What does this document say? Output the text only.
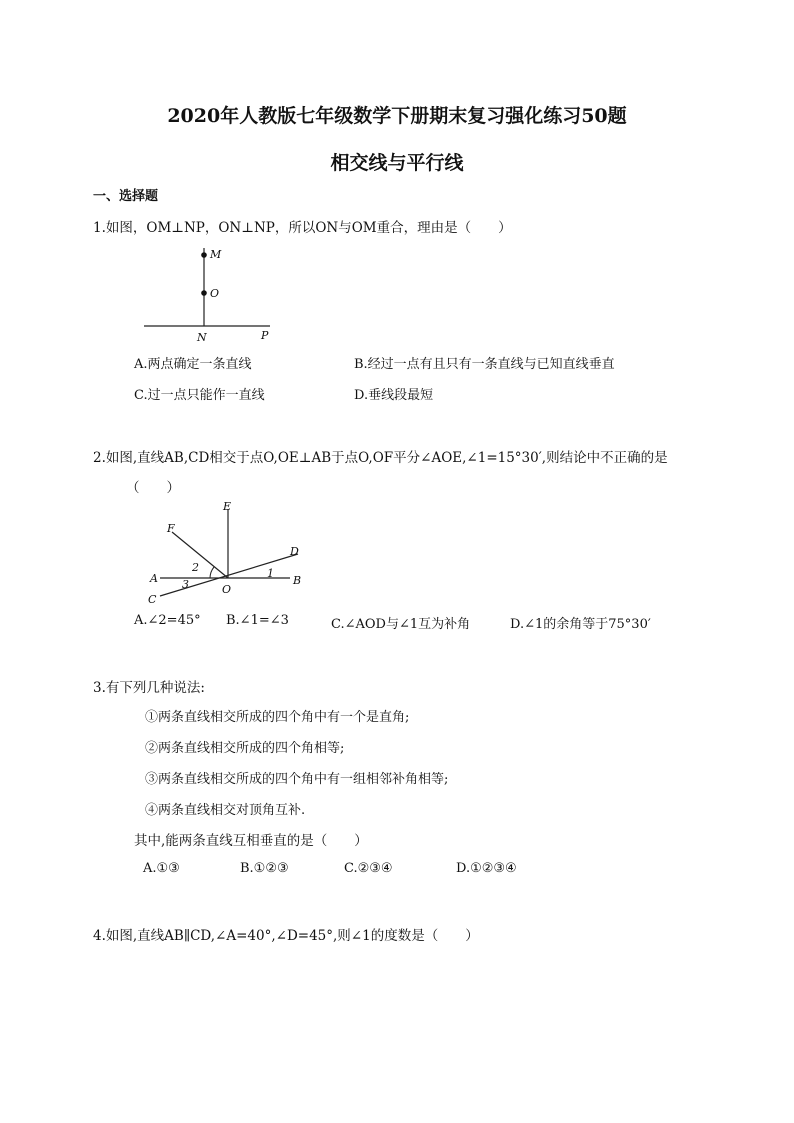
2020年人教版七年级数学下册期末复习强化练习50题
相交线与平行线
一、选择题
1.如图，OM⊥NP，ON⊥NP，所以ON与OM重合，理由是（　　）
M
O
N	P
A.两点确定一条直线	B.经过一点有且只有一条直线与已知直线垂直
C.过一点只能作一直线	D.垂线段最短
2.如图,直线AB,CD相交于点O,OE⊥AB于点O,OF平分∠AOE,∠1=15°30′,则结论中不正确的是
（　　）
E
F
D
A	B
C
O
1
2
3
A.∠2=45° B.∠1=∠3	C.∠AOD与∠1互为补角	D.∠1的余角等于75°30′
3.有下列几种说法:
①两条直线相交所成的四个角中有一个是直角;
②两条直线相交所成的四个角相等;
③两条直线相交所成的四个角中有一组相邻补角相等;
④两条直线相交对顶角互补.
其中,能两条直线互相垂直的是（　　）
A.①③	B.①②③	C.②③④	D.①②③④
4.如图,直线AB∥CD,∠A=40°,∠D=45°,则∠1的度数是（　　）
